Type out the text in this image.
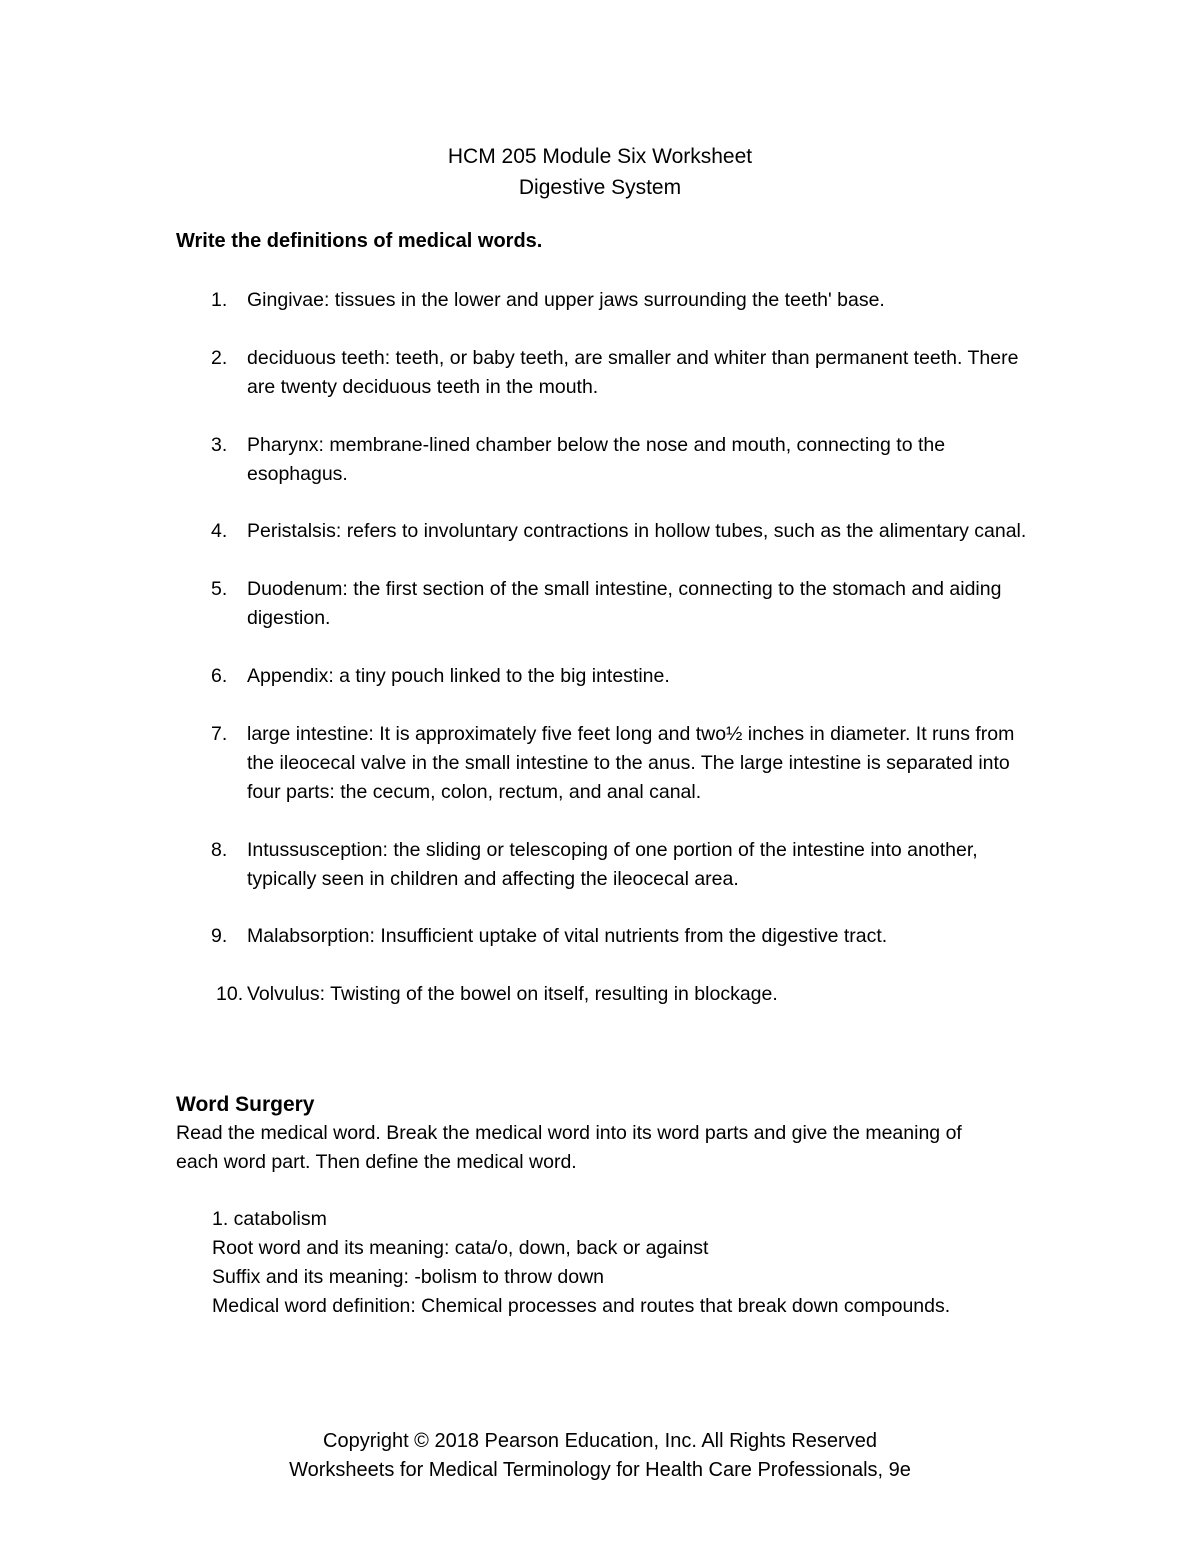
HCM 205 Module Six Worksheet
Digestive System
Write the definitions of medical words.
1. Gingivae: tissues in the lower and upper jaws surrounding the teeth' base.
2. deciduous teeth: teeth, or baby teeth, are smaller and whiter than permanent teeth. There are twenty deciduous teeth in the mouth.
3. Pharynx: membrane-lined chamber below the nose and mouth, connecting to the esophagus.
4. Peristalsis: refers to involuntary contractions in hollow tubes, such as the alimentary canal.
5. Duodenum: the first section of the small intestine, connecting to the stomach and aiding digestion.
6. Appendix: a tiny pouch linked to the big intestine.
7. large intestine: It is approximately five feet long and two½ inches in diameter. It runs from the ileocecal valve in the small intestine to the anus. The large intestine is separated into four parts: the cecum, colon, rectum, and anal canal.
8. Intussusception: the sliding or telescoping of one portion of the intestine into another, typically seen in children and affecting the ileocecal area.
9. Malabsorption: Insufficient uptake of vital nutrients from the digestive tract.
10. Volvulus: Twisting of the bowel on itself, resulting in blockage.
Word Surgery
Read the medical word. Break the medical word into its word parts and give the meaning of each word part. Then define the medical word.
1. catabolism
Root word and its meaning: cata/o, down, back or against
Suffix and its meaning: -bolism to throw down
Medical word definition: Chemical processes and routes that break down compounds.
Copyright © 2018 Pearson Education, Inc. All Rights Reserved
Worksheets for Medical Terminology for Health Care Professionals, 9e
